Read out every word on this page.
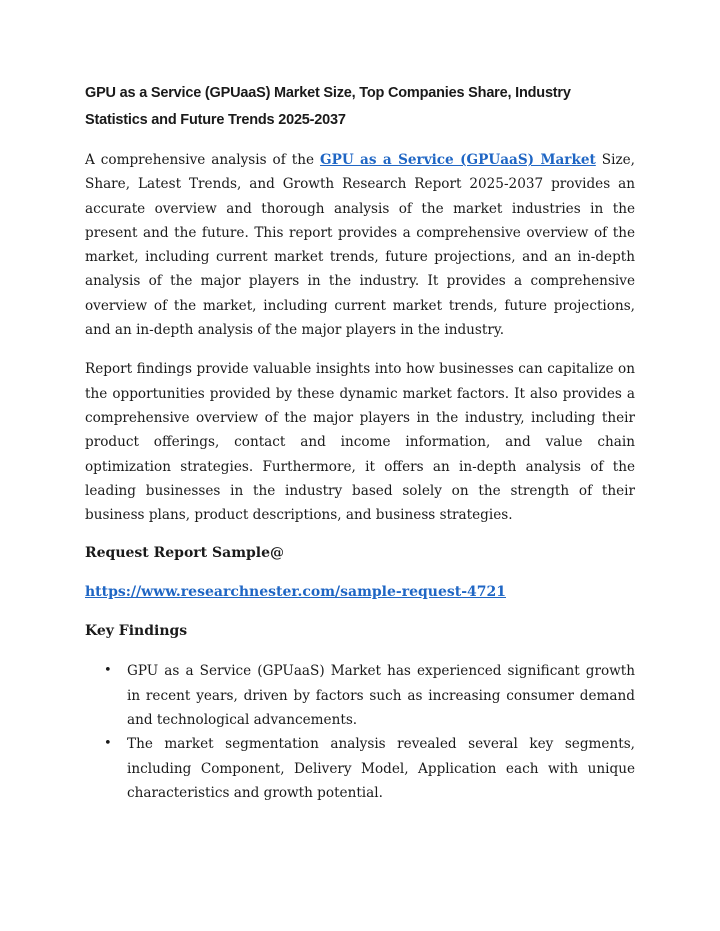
GPU as a Service (GPUaaS) Market Size, Top Companies Share, Industry Statistics and Future Trends 2025-2037

A comprehensive analysis of the GPU as a Service (GPUaaS) Market Size, Share, Latest Trends, and Growth Research Report 2025-2037 provides an accurate overview and thorough analysis of the market industries in the present and the future. This report provides a comprehensive overview of the market, including current market trends, future projections, and an in-depth analysis of the major players in the industry. It provides a comprehensive overview of the market, including current market trends, future projections, and an in-depth analysis of the major players in the industry.

Report findings provide valuable insights into how businesses can capitalize on the opportunities provided by these dynamic market factors. It also provides a comprehensive overview of the major players in the industry, including their product offerings, contact and income information, and value chain optimization strategies. Furthermore, it offers an in-depth analysis of the leading businesses in the industry based solely on the strength of their business plans, product descriptions, and business strategies.

Request Report Sample@
https://www.researchnester.com/sample-request-4721
Key Findings
• GPU as a Service (GPUaaS) Market has experienced significant growth in recent years, driven by factors such as increasing consumer demand and technological advancements.
• The market segmentation analysis revealed several key segments, including Component, Delivery Model, Application each with unique characteristics and growth potential.
